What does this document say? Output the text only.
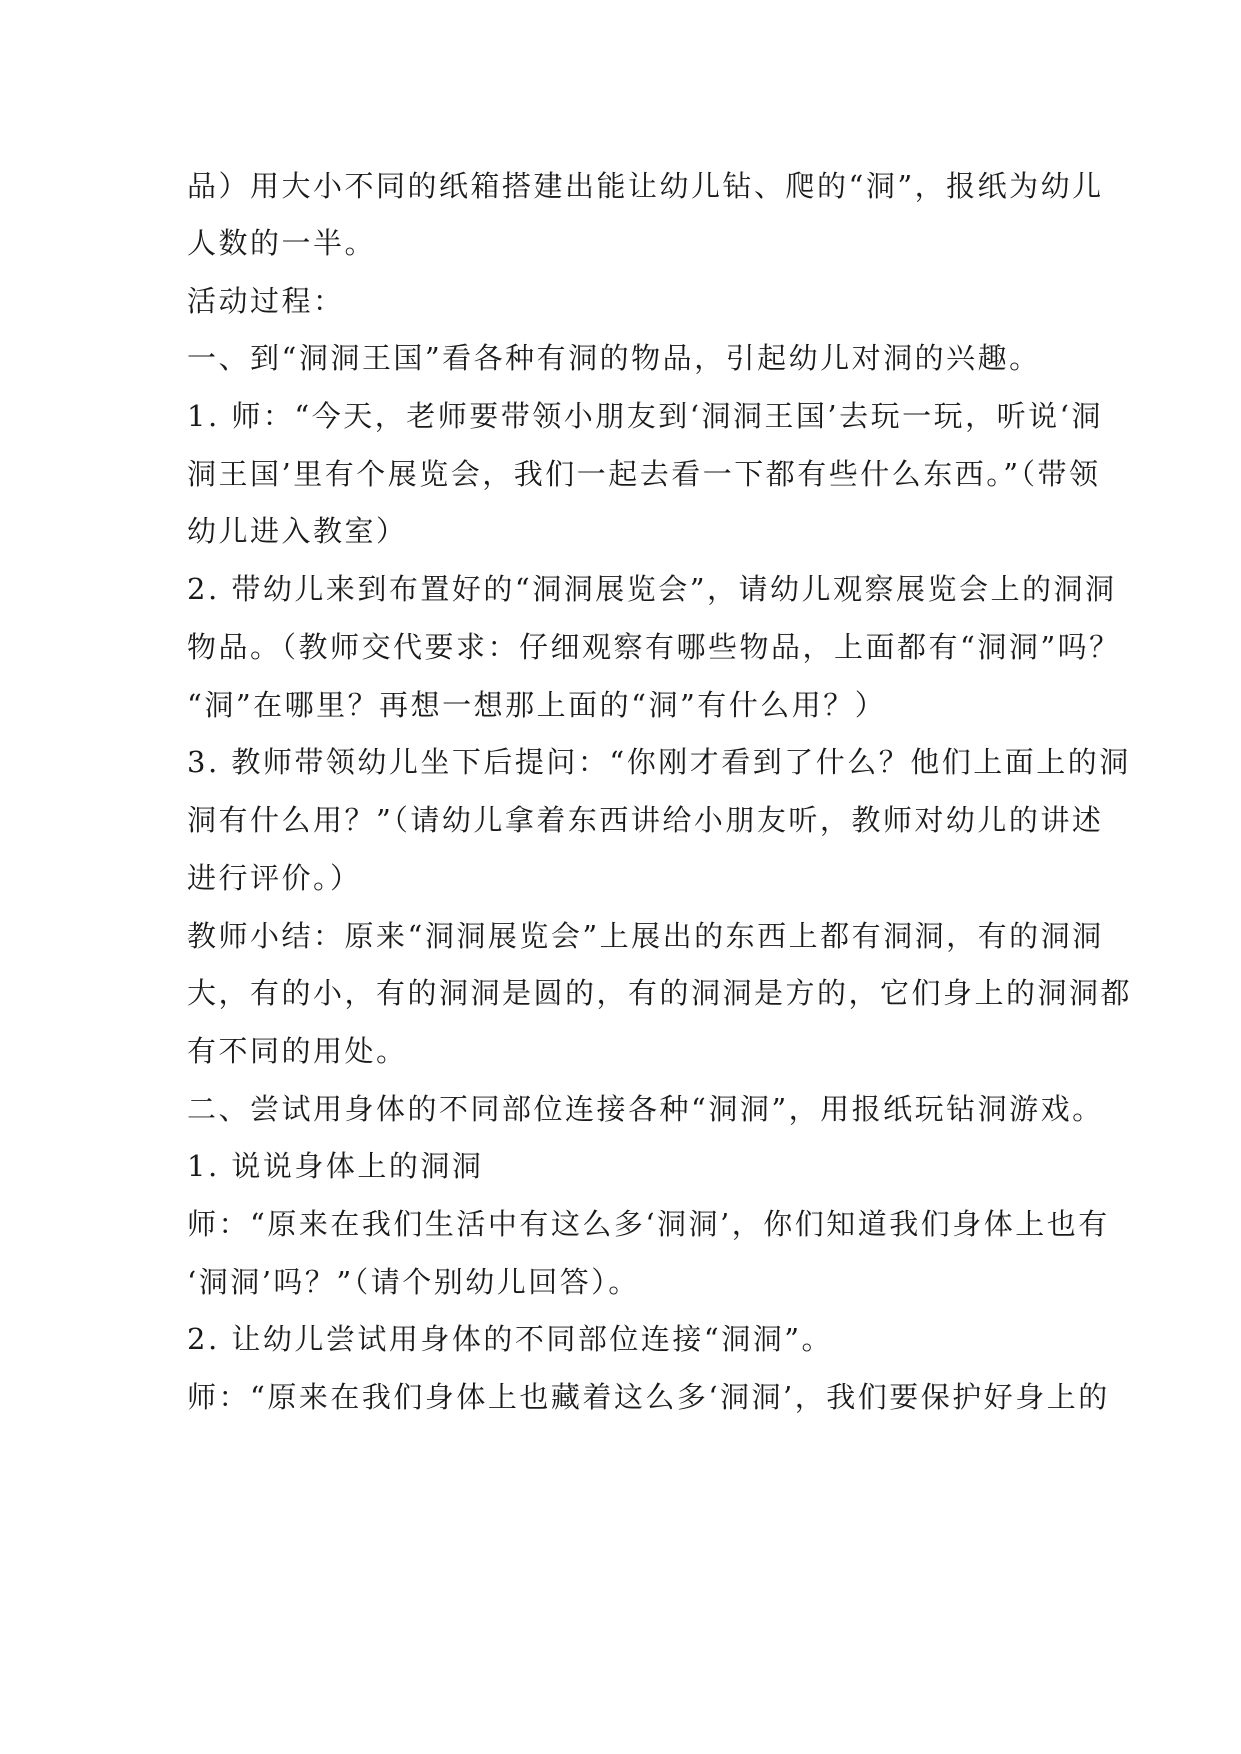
品）用大小不同的纸箱搭建出能让幼儿钻、爬的“洞”，报纸为幼儿
人数的一半。
活动过程：
一、到“洞洞王国”看各种有洞的物品，引起幼儿对洞的兴趣。
1. 师：“今天，老师要带领小朋友到‘洞洞王国’去玩一玩，听说‘洞
洞王国’里有个展览会，我们一起去看一下都有些什么东西。”（带领
幼儿进入教室）
2. 带幼儿来到布置好的“洞洞展览会”，请幼儿观察展览会上的洞洞
物品。（教师交代要求：仔细观察有哪些物品，上面都有“洞洞”吗？
“洞”在哪里？再想一想那上面的“洞”有什么用？）
3. 教师带领幼儿坐下后提问：“你刚才看到了什么？他们上面上的洞
洞有什么用？”（请幼儿拿着东西讲给小朋友听，教师对幼儿的讲述
进行评价。）
教师小结：原来“洞洞展览会”上展出的东西上都有洞洞，有的洞洞
大，有的小，有的洞洞是圆的，有的洞洞是方的，它们身上的洞洞都
有不同的用处。
二、尝试用身体的不同部位连接各种“洞洞”，用报纸玩钻洞游戏。
1. 说说身体上的洞洞
师：“原来在我们生活中有这么多‘洞洞’，你们知道我们身体上也有
‘洞洞’吗？”（请个别幼儿回答）。
2. 让幼儿尝试用身体的不同部位连接“洞洞”。
师：“原来在我们身体上也藏着这么多‘洞洞’，我们要保护好身上的
